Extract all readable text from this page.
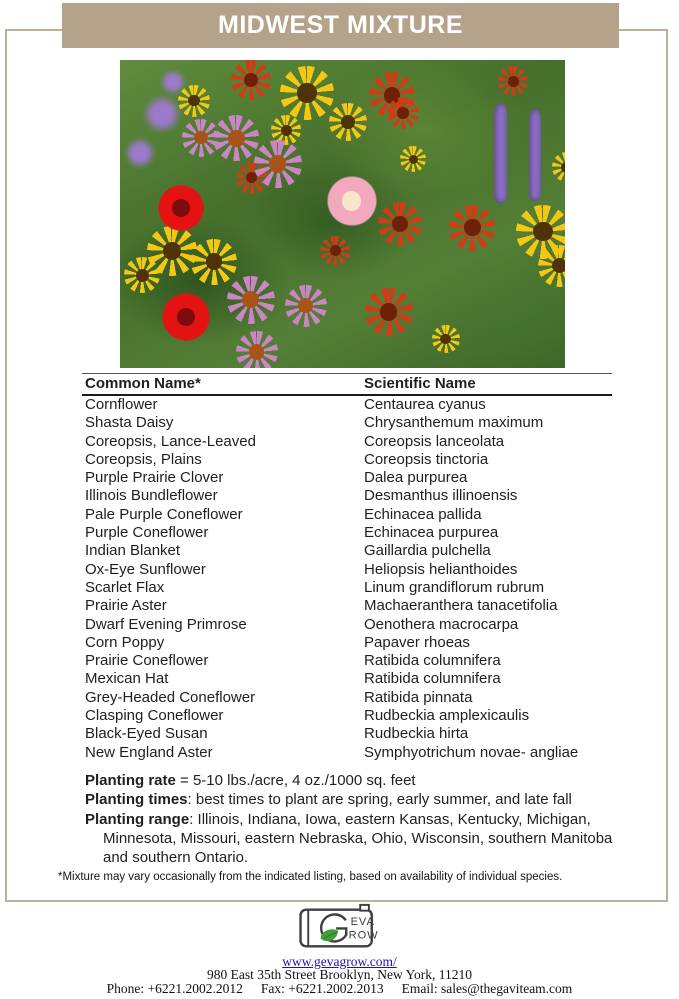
MIDWEST MIXTURE
Common Name*	Scientific Name
Cornflower	Centaurea cyanus
Shasta Daisy	Chrysanthemum maximum
Coreopsis, Lance-Leaved	Coreopsis lanceolata
Coreopsis, Plains	Coreopsis tinctoria
Purple Prairie Clover	Dalea purpurea
Illinois Bundleflower	Desmanthus illinoensis
Pale Purple Coneflower	Echinacea pallida
Purple Coneflower	Echinacea purpurea
Indian Blanket	Gaillardia pulchella
Ox-Eye Sunflower	Heliopsis helianthoides
Scarlet Flax	Linum grandiflorum rubrum
Prairie Aster	Machaeranthera tanacetifolia
Dwarf Evening Primrose	Oenothera macrocarpa
Corn Poppy	Papaver rhoeas
Prairie Coneflower	Ratibida columnifera
Mexican Hat	Ratibida columnifera
Grey-Headed Coneflower	Ratibida pinnata
Clasping Coneflower	Rudbeckia amplexicaulis
Black-Eyed Susan	Rudbeckia hirta
New England Aster	Symphyotrichum novae- angliae

Planting rate = 5-10 lbs./acre, 4 oz./1000 sq. feet

Planting times: best times to plant are spring, early summer, and late fall

Planting range: Illinois, Indiana, Iowa, eastern Kansas, Kentucky, Michigan, Minnesota, Missouri, eastern Nebraska, Ohio, Wisconsin, southern Manitoba and southern Ontario.

*Mixture may vary occasionally from the indicated listing, based on availability of individual species.
EVA
ROW
www.gevagrow.com/
980 East 35th Street Brooklyn, New York, 11210
Phone: +6221.2002.2012 Fax: +6221.2002.2013 Email: sales@thegaviteam.com
